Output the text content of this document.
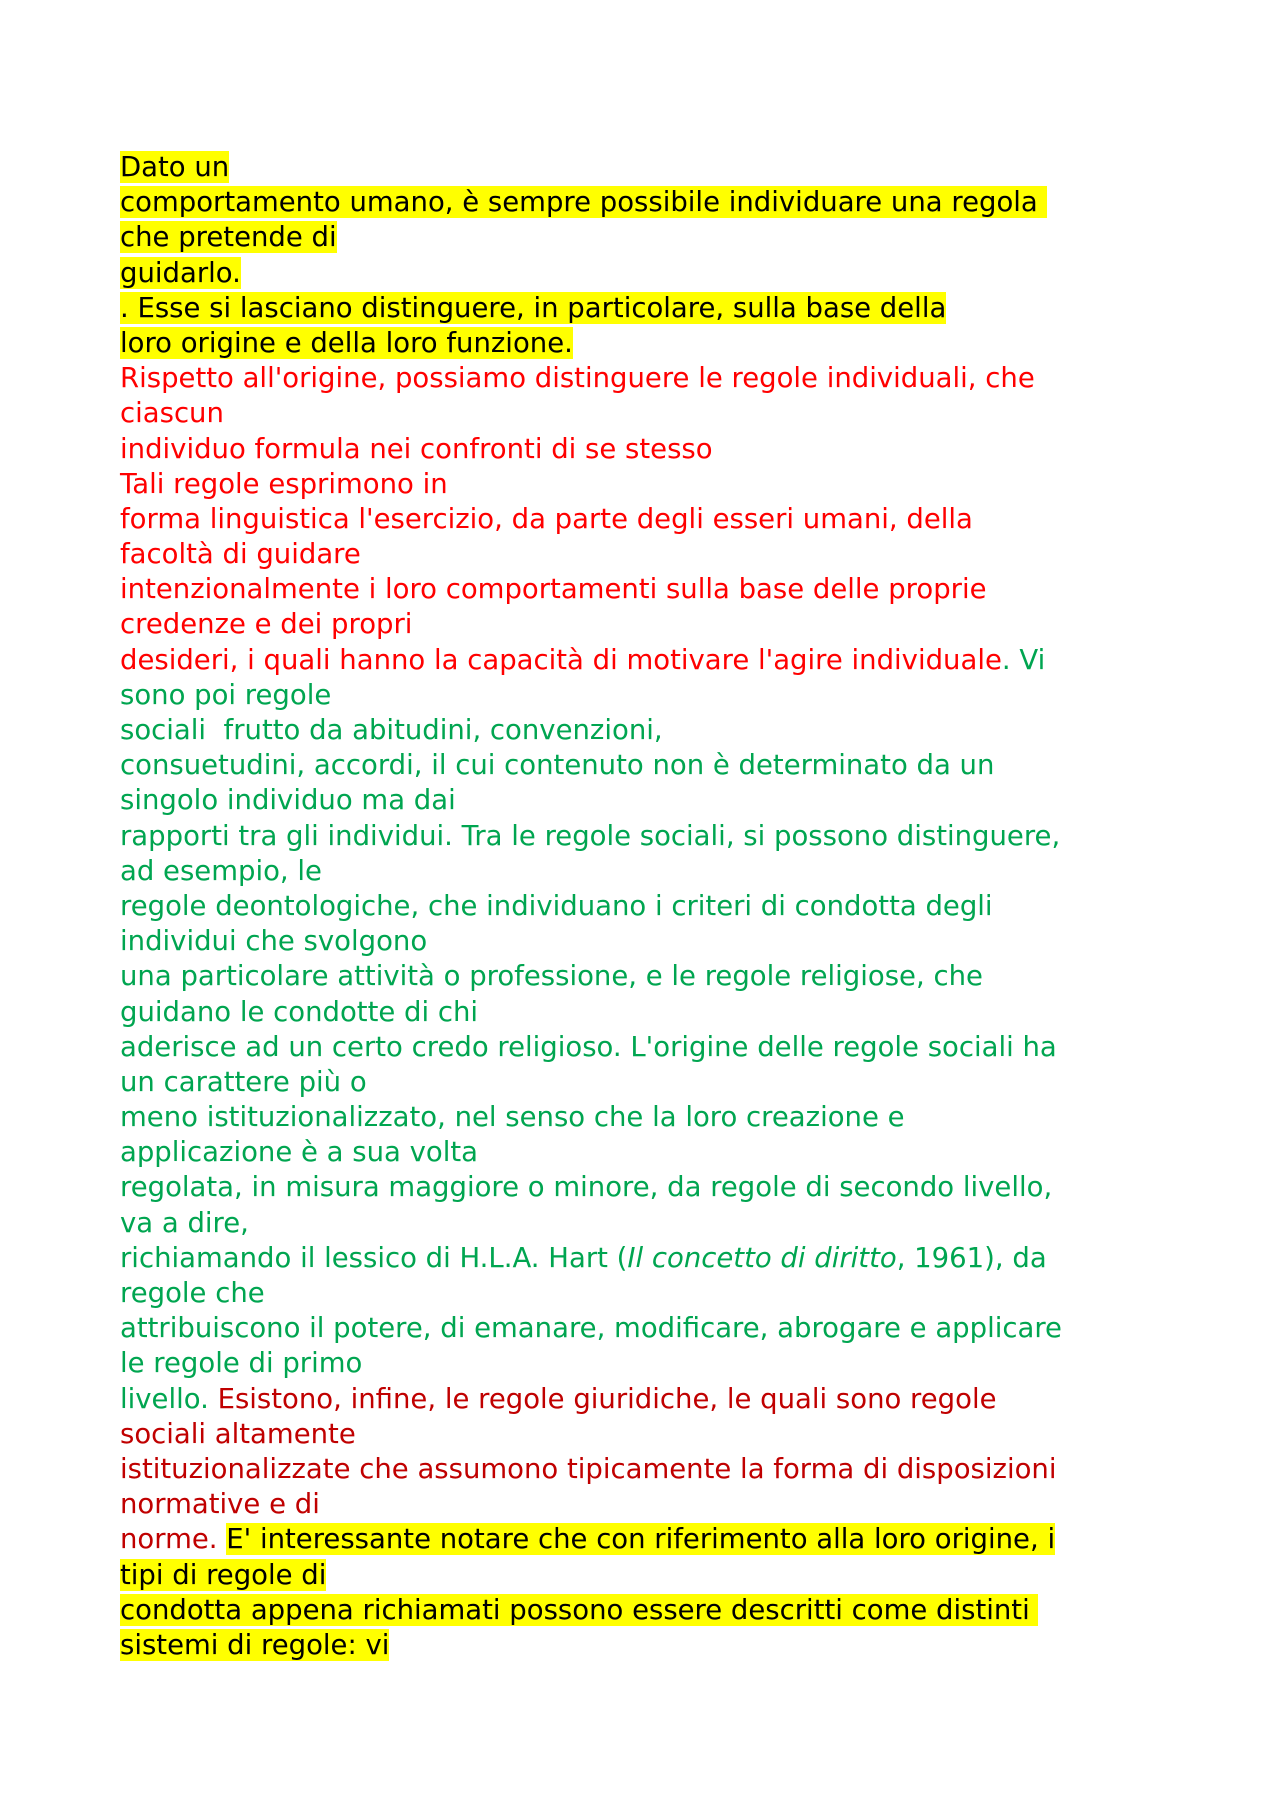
Dato un
comportamento umano, è sempre possibile individuare una regola
che pretende di
guidarlo.
. Esse si lasciano distinguere, in particolare, sulla base della
loro origine e della loro funzione.
Rispetto all'origine, possiamo distinguere le regole individuali, che
ciascun
individuo formula nei confronti di se stesso
Tali regole esprimono in
forma linguistica l'esercizio, da parte degli esseri umani, della
facoltà di guidare
intenzionalmente i loro comportamenti sulla base delle proprie
credenze e dei propri
desideri, i quali hanno la capacità di motivare l'agire individuale. Vi
sono poi regole
sociali  frutto da abitudini, convenzioni,
consuetudini, accordi, il cui contenuto non è determinato da un
singolo individuo ma dai
rapporti tra gli individui. Tra le regole sociali, si possono distinguere,
ad esempio, le
regole deontologiche, che individuano i criteri di condotta degli
individui che svolgono
una particolare attività o professione, e le regole religiose, che
guidano le condotte di chi
aderisce ad un certo credo religioso. L'origine delle regole sociali ha
un carattere più o
meno istituzionalizzato, nel senso che la loro creazione e
applicazione è a sua volta
regolata, in misura maggiore o minore, da regole di secondo livello,
va a dire,
richiamando il lessico di H.L.A. Hart (Il concetto di diritto, 1961), da
regole che
attribuiscono il potere, di emanare, modificare, abrogare e applicare
le regole di primo
livello. Esistono, infine, le regole giuridiche, le quali sono regole
sociali altamente
istituzionalizzate che assumono tipicamente la forma di disposizioni
normative e di
norme. E' interessante notare che con riferimento alla loro origine, i
tipi di regole di
condotta appena richiamati possono essere descritti come distinti
sistemi di regole: vi
